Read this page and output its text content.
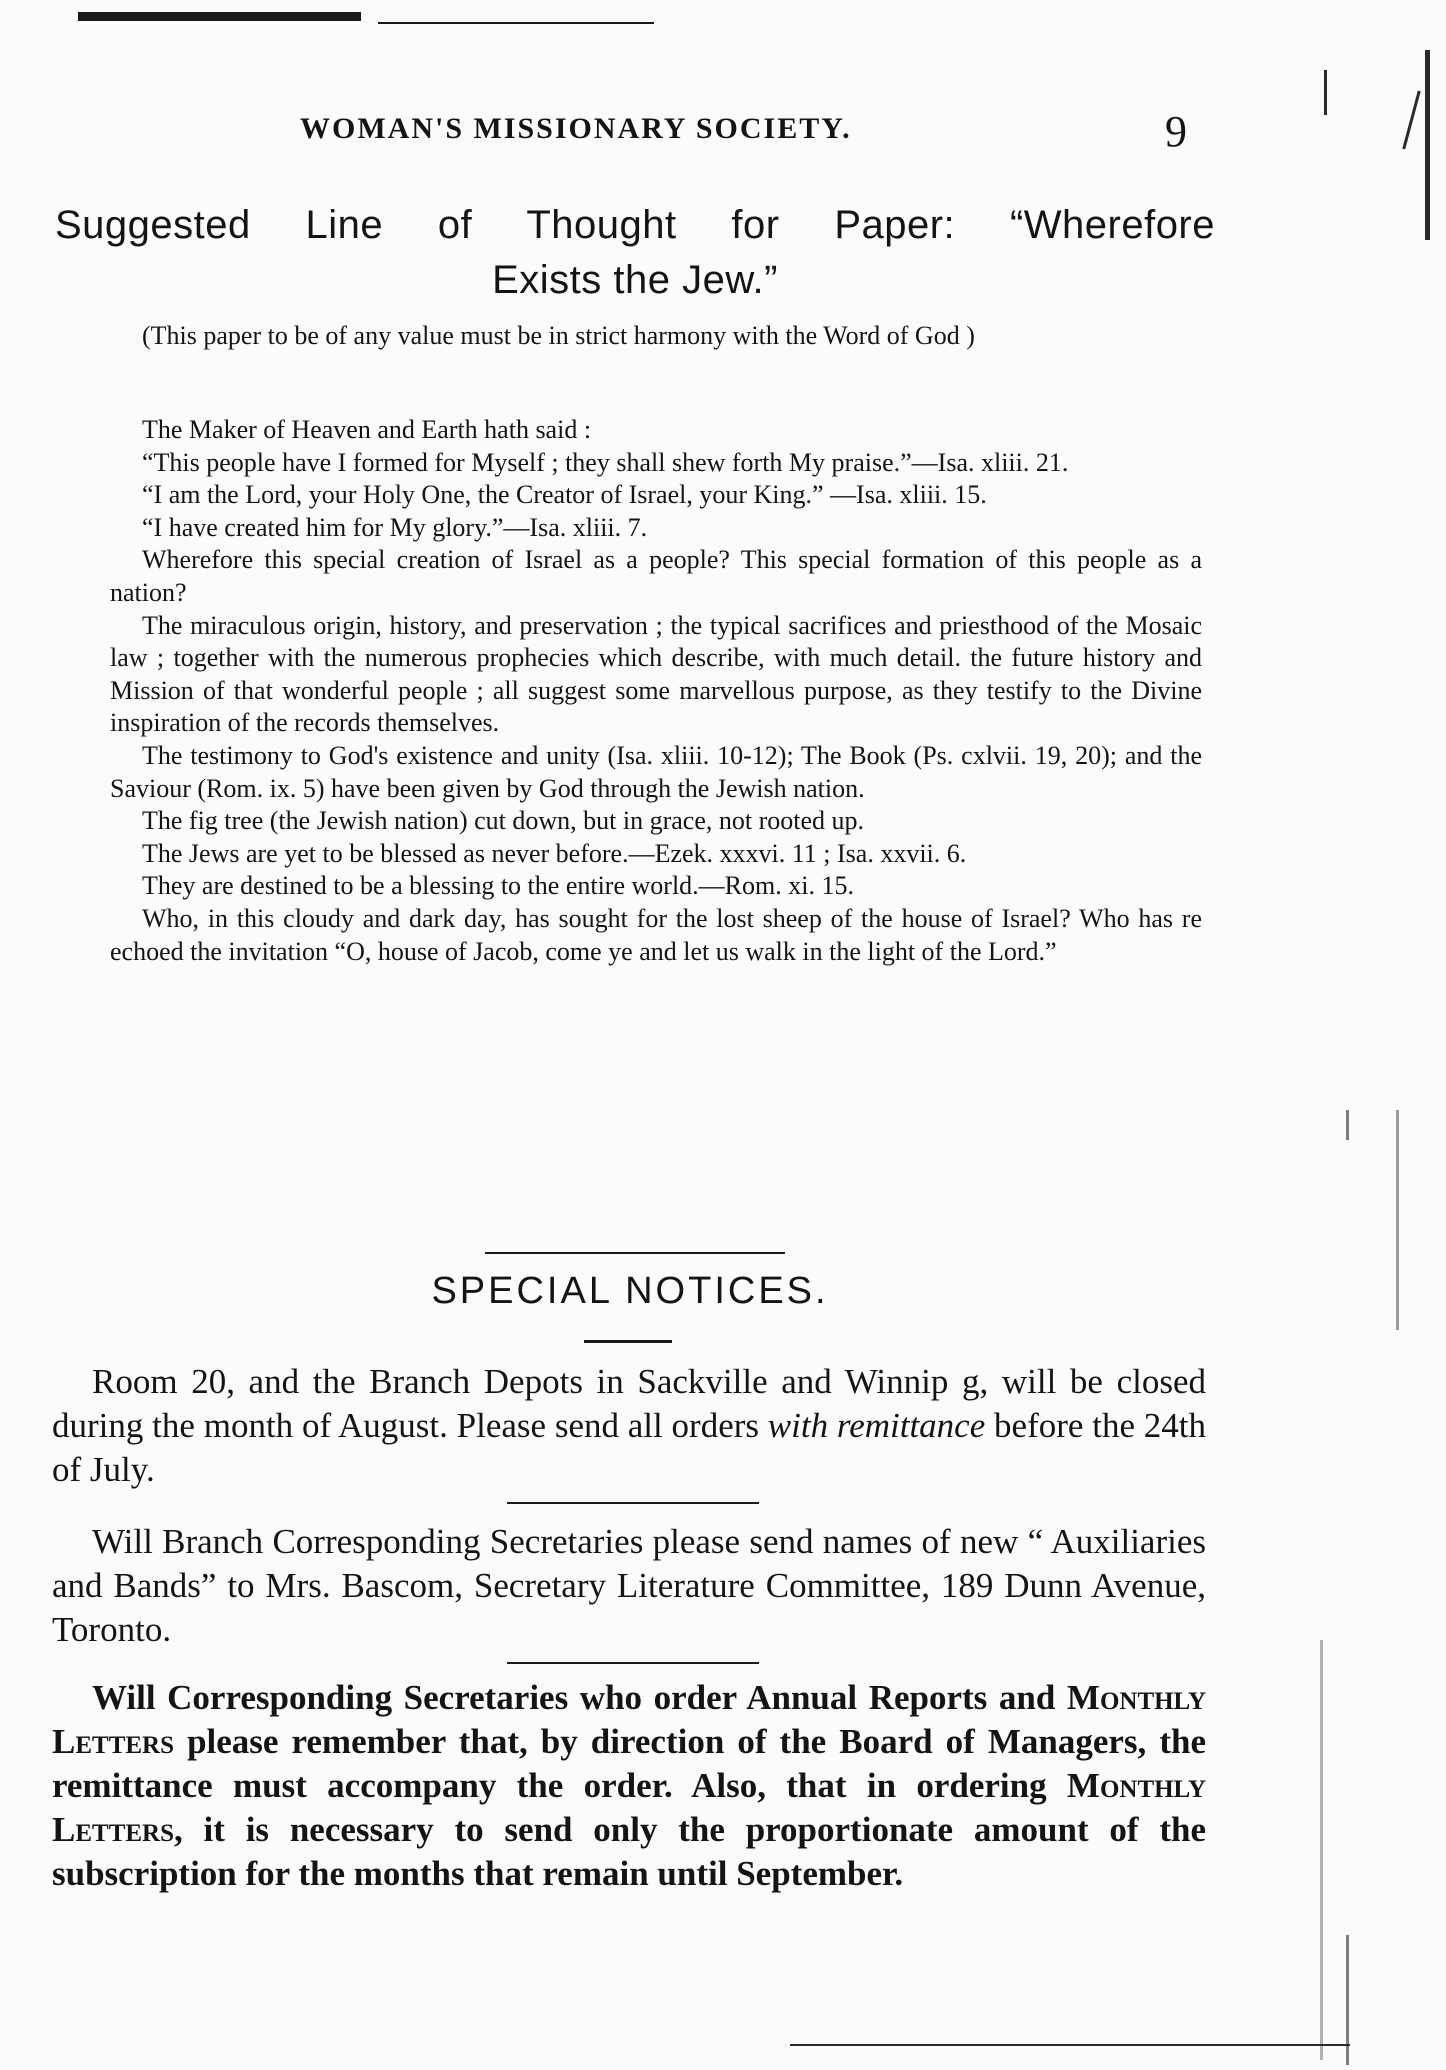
WOMAN'S MISSIONARY SOCIETY.	9
Suggested Line of Thought for Paper: “Wherefore
Exists the Jew.”
(This paper to be of any value must be in strict harmony with the Word of God )

The Maker of Heaven and Earth hath said :

“This people have I formed for Myself ; they shall shew forth My praise.”—Isa. xliii. 21.

“I am the Lord, your Holy One, the Creator of Israel, your King.” —Isa. xliii. 15.

“I have created him for My glory.”—Isa. xliii. 7.

Wherefore this special creation of Israel as a people? This special formation of this people as a nation?

The miraculous origin, history, and preservation ; the typical sacrifices and priesthood of the Mosaic law ; together with the numerous prophecies which describe, with much detail. the future history and Mission of that wonderful people ; all suggest some marvellous purpose, as they testify to the Divine inspiration of the records themselves.

The testimony to God's existence and unity (Isa. xliii. 10-12); The Book (Ps. cxlvii. 19, 20); and the Saviour (Rom. ix. 5) have been given by God through the Jewish nation.

The fig tree (the Jewish nation) cut down, but in grace, not rooted up.

The Jews are yet to be blessed as never before.—Ezek. xxxvi. 11 ; Isa. xxvii. 6.

They are destined to be a blessing to the entire world.—Rom. xi. 15.

Who, in this cloudy and dark day, has sought for the lost sheep of the house of Israel? Who has re echoed the invitation “O, house of Jacob, come ye and let us walk in the light of the Lord.”

SPECIAL NOTICES.

Room 20, and the Branch Depots in Sackville and Winnip g, will be closed during the month of August. Please send all orders with remittance before the 24th of July.

Will Branch Corresponding Secretaries please send names of new “ Auxiliaries and Bands” to Mrs. Bascom, Secretary Literature Committee, 189 Dunn Avenue, Toronto.

Will Corresponding Secretaries who order Annual Reports and Monthly Letters please remember that, by direction of the Board of Managers, the remittance must accompany the order. Also, that in ordering Monthly Letters, it is necessary to send only the proportionate amount of the subscription for the months that remain until September.
